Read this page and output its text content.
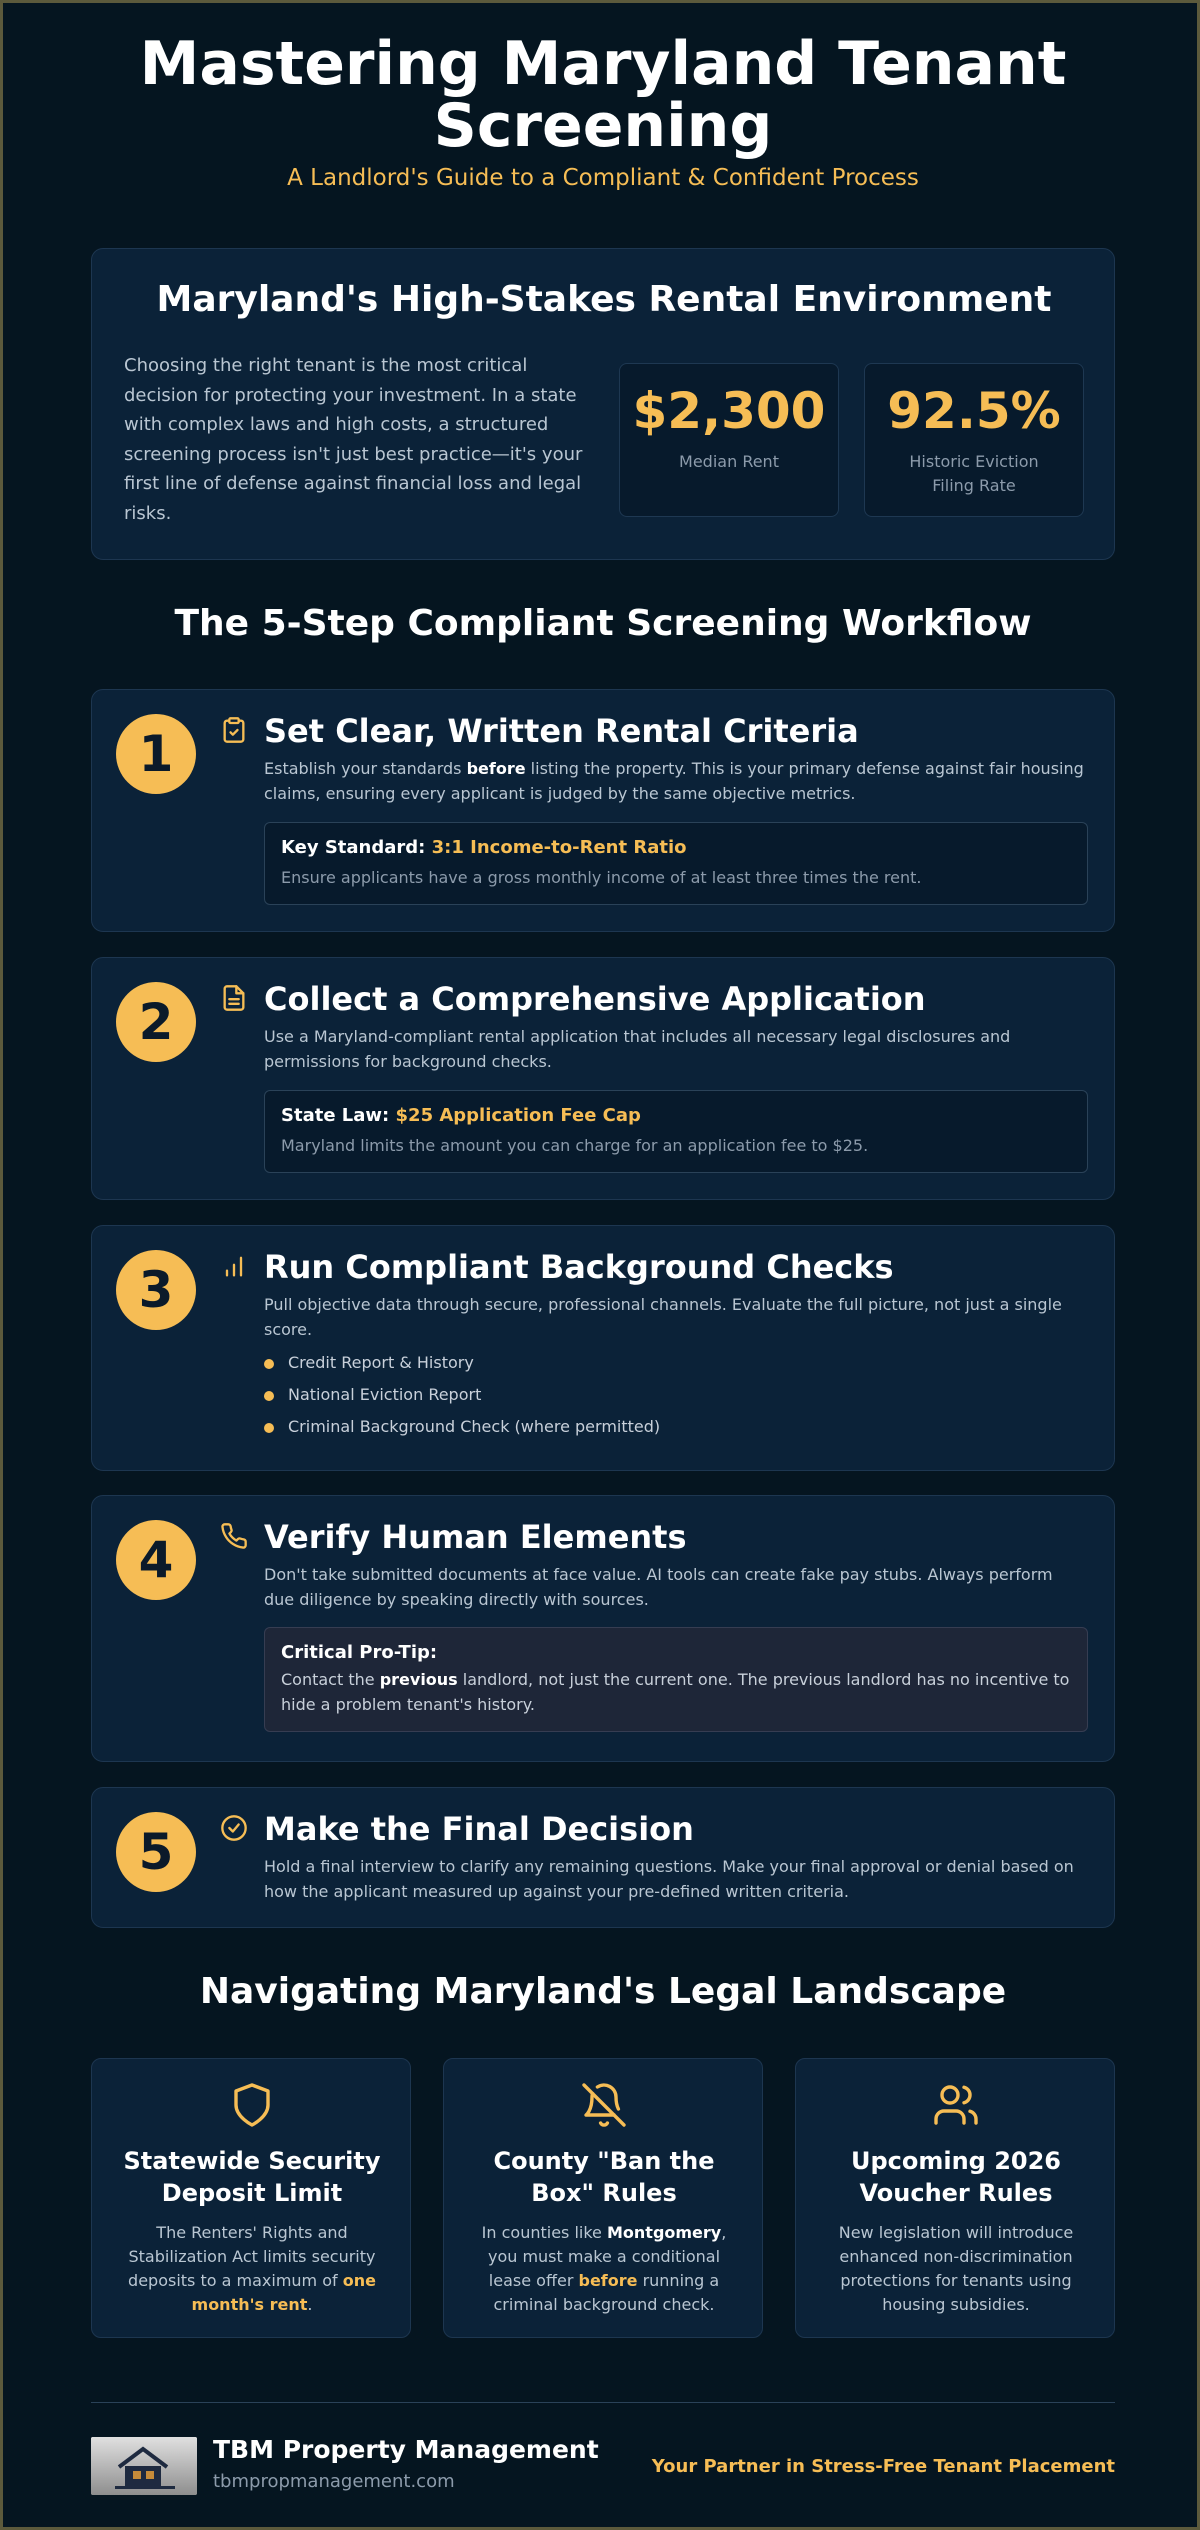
Mastering Maryland Tenant
Screening
A Landlord's Guide to a Compliant & Confident Process
Maryland's High-Stakes Rental Environment

Choosing the right tenant is the most critical decision for protecting your investment. In a state with complex laws and high costs, a structured screening process isn't just best practice—it's your first line of defense against financial loss and legal risks.

$2,300
Median Rent
92.5%
Historic Eviction Filing Rate
The 5-Step Compliant Screening Workflow
1	Set Clear, Written Rental Criteria

Establish your standards before listing the property. This is your primary defense against fair housing claims, ensuring every applicant is judged by the same objective metrics.

Key Standard: 3:1 Income-to-Rent Ratio
Ensure applicants have a gross monthly income of at least three times the rent.
2	Collect a Comprehensive Application

Use a Maryland-compliant rental application that includes all necessary legal disclosures and permissions for background checks.

State Law: $25 Application Fee Cap
Maryland limits the amount you can charge for an application fee to $25.
3	Run Compliant Background Checks

Pull objective data through secure, professional channels. Evaluate the full picture, not just a single score.

Credit Report & History
National Eviction Report
Criminal Background Check (where permitted)
4	Verify Human Elements

Don't take submitted documents at face value. AI tools can create fake pay stubs. Always perform due diligence by speaking directly with sources.

Critical Pro-Tip:
Contact the previous landlord, not just the current one. The previous landlord has no incentive to hide a problem tenant's history.
5	Make the Final Decision

Hold a final interview to clarify any remaining questions. Make your final approval or denial based on how the applicant measured up against your pre-defined written criteria.

Navigating Maryland's Legal Landscape
Statewide Security Deposit Limit

The Renters' Rights and Stabilization Act limits security deposits to a maximum of one month's rent.

County "Ban the Box" Rules

In counties like Montgomery, you must make a conditional lease offer before running a criminal background check.

Upcoming 2026 Voucher Rules

New legislation will introduce enhanced non-discrimination protections for tenants using housing subsidies.

TBM Property Management
tbmpropmanagement.com
Your Partner in Stress-Free Tenant Placement
